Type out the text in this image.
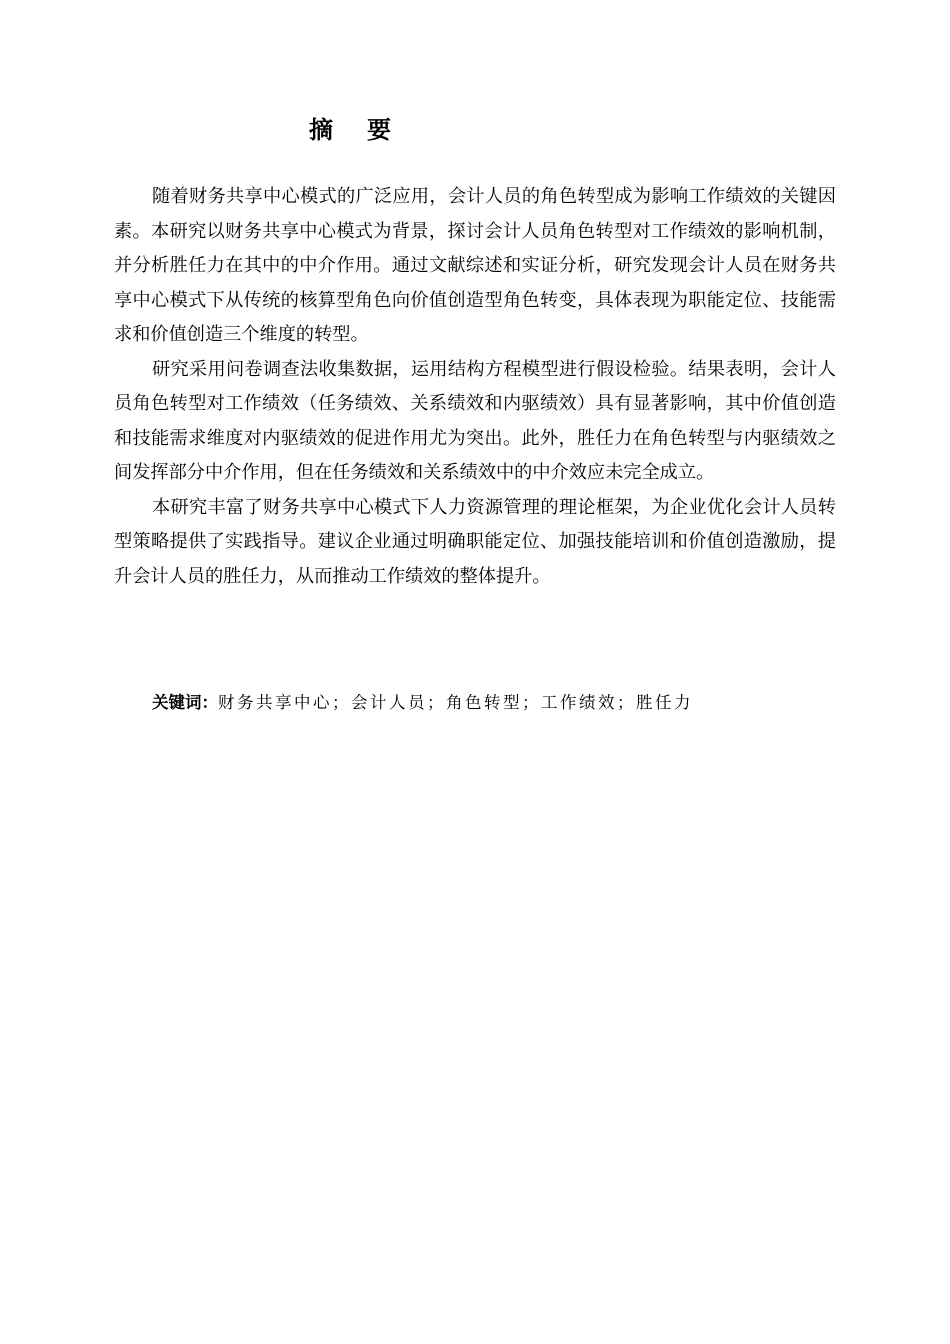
摘 要

随着财务共享中心模式的广泛应用，会计人员的角色转型成为影响工作绩效的关键因素。本研究以财务共享中心模式为背景，探讨会计人员角色转型对工作绩效的影响机制，并分析胜任力在其中的中介作用。通过文献综述和实证分析，研究发现会计人员在财务共享中心模式下从传统的核算型角色向价值创造型角色转变，具体表现为职能定位、技能需求和价值创造三个维度的转型。

研究采用问卷调查法收集数据，运用结构方程模型进行假设检验。结果表明，会计人员角色转型对工作绩效（任务绩效、关系绩效和内驱绩效）具有显著影响，其中价值创造和技能需求维度对内驱绩效的促进作用尤为突出。此外，胜任力在角色转型与内驱绩效之间发挥部分中介作用，但在任务绩效和关系绩效中的中介效应未完全成立。

本研究丰富了财务共享中心模式下人力资源管理的理论框架，为企业优化会计人员转型策略提供了实践指导。建议企业通过明确职能定位、加强技能培训和价值创造激励，提升会计人员的胜任力，从而推动工作绩效的整体提升。

关键词：财务共享中心；会计人员；角色转型；工作绩效；胜任力
